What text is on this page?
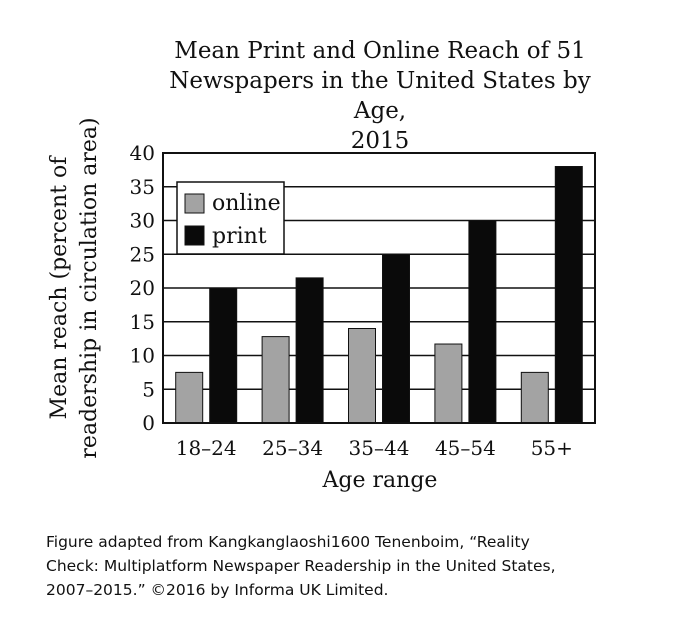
Mean Print and Online Reach of 51
Newspapers in the United States by Age,
2015
0
5
10
15
20
25
30
35
40
18–24 25–34 35–44 45–54 55+
online
print
Age range
Mean reach (percent of readership in circulation area)
Figure adapted from Kangkanglaoshi1600 Tenenboim, “Reality
Check: Multiplatform Newspaper Readership in the United States,
2007–2015.” ©2016 by Informa UK Limited.
